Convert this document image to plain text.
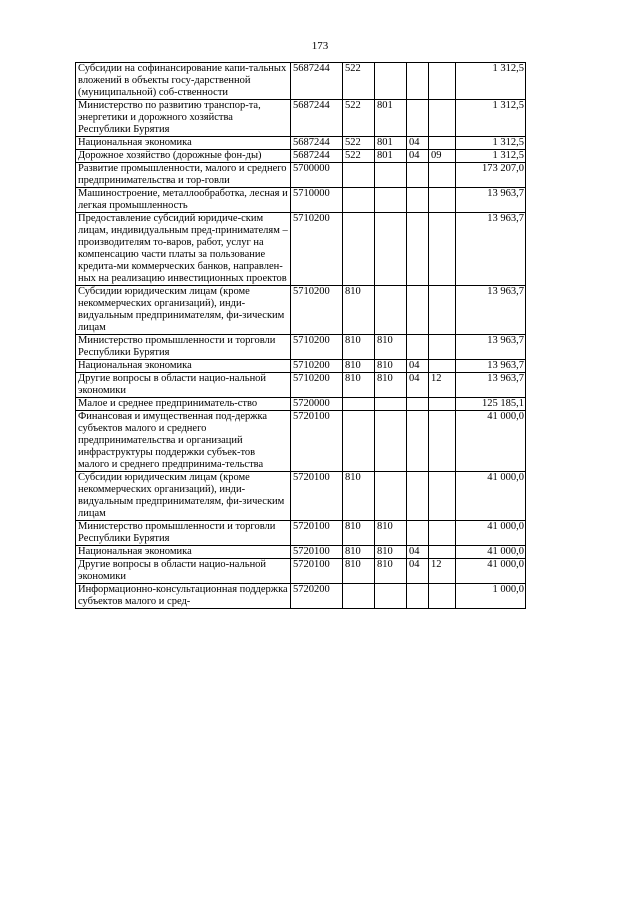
173
Субсидии на софинансирование капи-тальных вложений в объекты госу-дарственной (муниципальной) соб-ственности	5687244	522				1 312,5
Министерство по развитию транспор-та, энергетики и дорожного хозяйства Республики Бурятия	5687244	522	801			1 312,5
Национальная экономика	5687244	522	801	04		1 312,5
Дорожное хозяйство (дорожные фон-ды)	5687244	522	801	04	09	1 312,5
Развитие промышленности, малого и среднего предпринимательства и тор-говли	5700000					173 207,0
Машиностроение, металлообработка, лесная и легкая промышленность	5710000					13 963,7
Предоставление субсидий юридиче-ским лицам, индивидуальным пред-принимателям – производителям то-варов, работ, услуг на компенсацию части платы за пользование кредита-ми коммерческих банков, направлен-ных на реализацию инвестиционных проектов	5710200					13 963,7
Субсидии юридическим лицам (кроме некоммерческих организаций), инди-видуальным предпринимателям, фи-зическим лицам	5710200	810				13 963,7
Министерство промышленности и торговли Республики Бурятия	5710200	810	810			13 963,7
Национальная экономика	5710200	810	810	04		13 963,7
Другие вопросы в области нацио-нальной экономики	5710200	810	810	04	12	13 963,7
Малое и среднее предприниматель-ство	5720000					125 185,1
Финансовая и имущественная под-держка субъектов малого и среднего предпринимательства и организаций инфраструктуры поддержки субъек-тов малого и среднего предпринима-тельства	5720100					41 000,0
Субсидии юридическим лицам (кроме некоммерческих организаций), инди-видуальным предпринимателям, фи-зическим лицам	5720100	810				41 000,0
Министерство промышленности и торговли Республики Бурятия	5720100	810	810			41 000,0
Национальная экономика	5720100	810	810	04		41 000,0
Другие вопросы в области нацио-нальной экономики	5720100	810	810	04	12	41 000,0
Информационно-консультационная поддержка субъектов малого и сред-	5720200					1 000,0
